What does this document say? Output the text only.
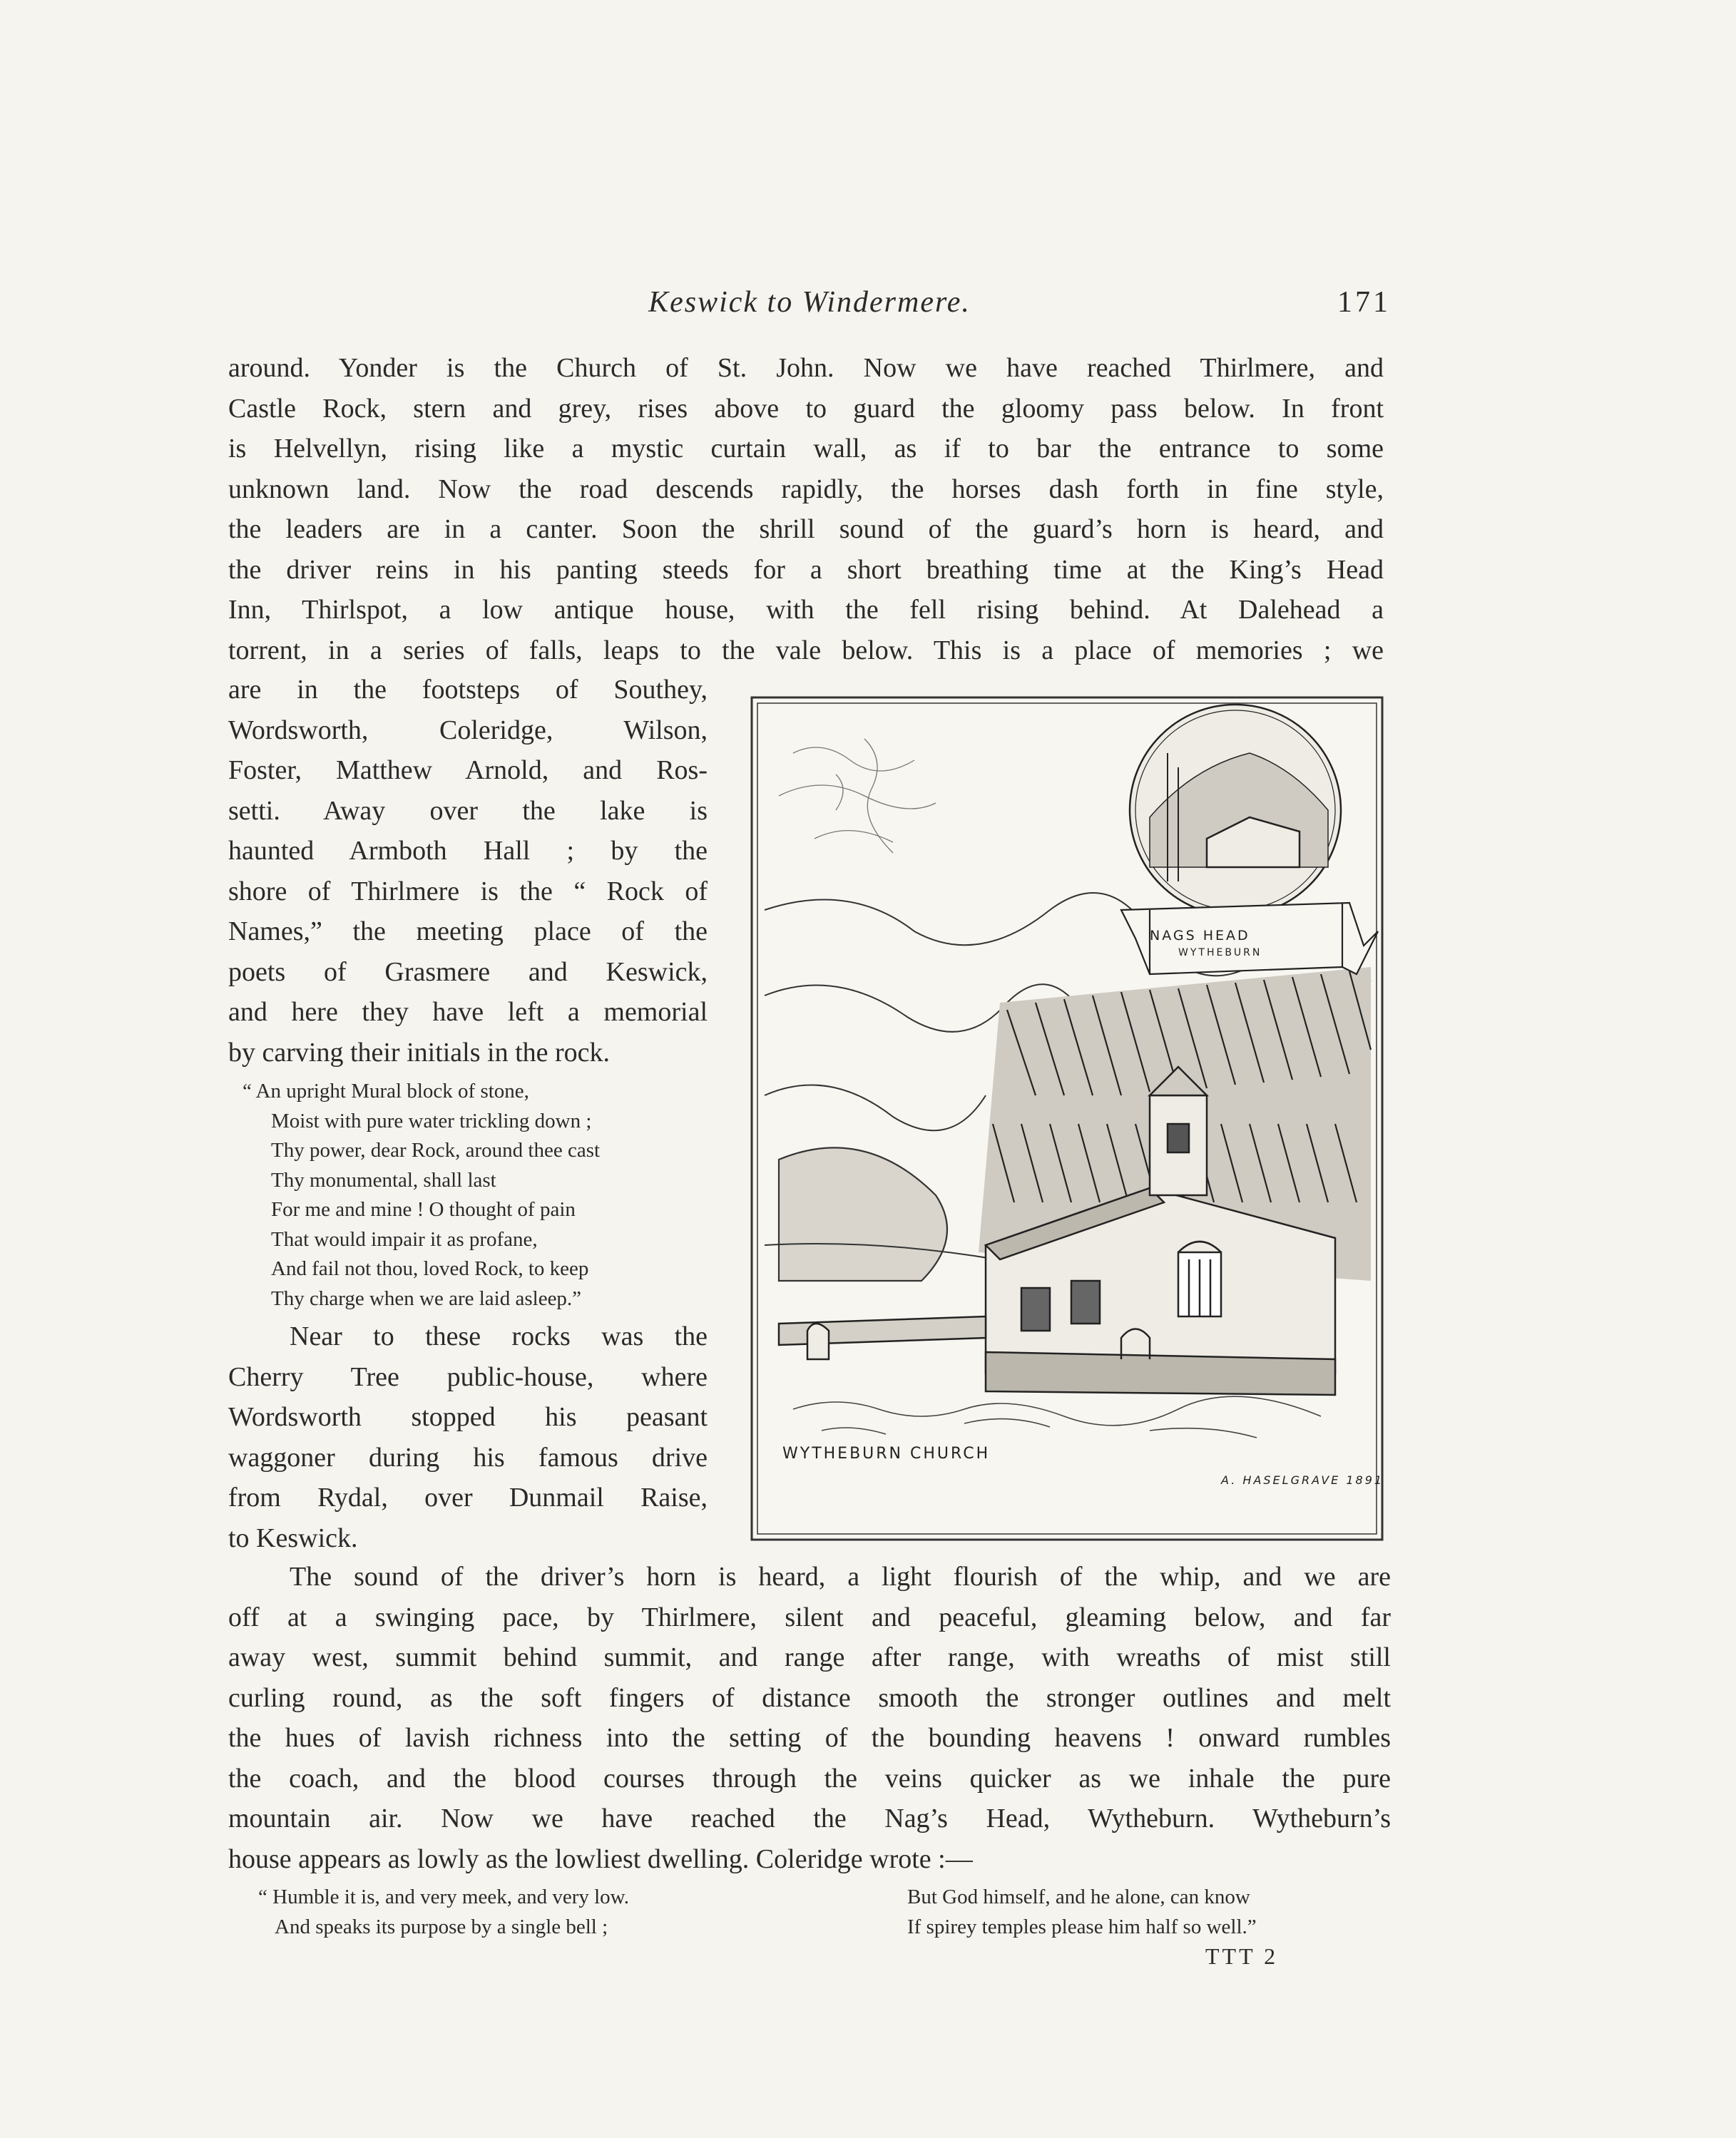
Keswick to Windermere.	171

around. Yonder is the Church of St. John. Now we have reached Thirlmere, and
Castle Rock, stern and grey, rises above to guard the gloomy pass below. In front
is Helvellyn, rising like a mystic curtain wall, as if to bar the entrance to some
unknown land. Now the road descends rapidly, the horses dash forth in fine style,
the leaders are in a canter. Soon the shrill sound of the guard’s horn is heard, and
the driver reins in his panting steeds for a short breathing time at the King’s Head
Inn, Thirlspot, a low antique house, with the fell rising behind. At Dalehead a
torrent, in a series of falls, leaps to the vale below. This is a place of memories ; we

are in the footsteps of Southey,
Wordsworth, Coleridge, Wilson,
Foster, Matthew Arnold, and Ros-
setti. Away over the lake is
haunted Armboth Hall ; by the
shore of Thirlmere is the “ Rock of
Names,” the meeting place of the
poets of Grasmere and Keswick,
and here they have left a memorial
by carving their initials in the rock.

“ An upright Mural block of stone,
Moist with pure water trickling down ;
Thy power, dear Rock, around thee cast
Thy monumental, shall last
For me and mine ! O thought of pain
That would impair it as profane,
And fail not thou, loved Rock, to keep
Thy charge when we are laid asleep.”

Near to these rocks was the
Cherry Tree public-house, where
Wordsworth stopped his peasant
waggoner during his famous drive
from Rydal, over Dunmail Raise,
to Keswick.

The sound of the driver’s horn is heard, a light flourish of the whip, and we are
off at a swinging pace, by Thirlmere, silent and peaceful, gleaming below, and far
away west, summit behind summit, and range after range, with wreaths of mist still
curling round, as the soft fingers of distance smooth the stronger outlines and melt
the hues of lavish richness into the setting of the bounding heavens ! onward rumbles
the coach, and the blood courses through the veins quicker as we inhale the pure
mountain air. Now we have reached the Nag’s Head, Wytheburn. Wytheburn’s
house appears as lowly as the lowliest dwelling. Coleridge wrote :—

“ Humble it is, and very meek, and very low.
And speaks its purpose by a single bell ;
But God himself, and he alone, can know
If spirey temples please him half so well.”
TTT 2
NAGS HEAD
WYTHEBURN
WYTHEBURN CHURCH
A. HASELGRAVE 1891
